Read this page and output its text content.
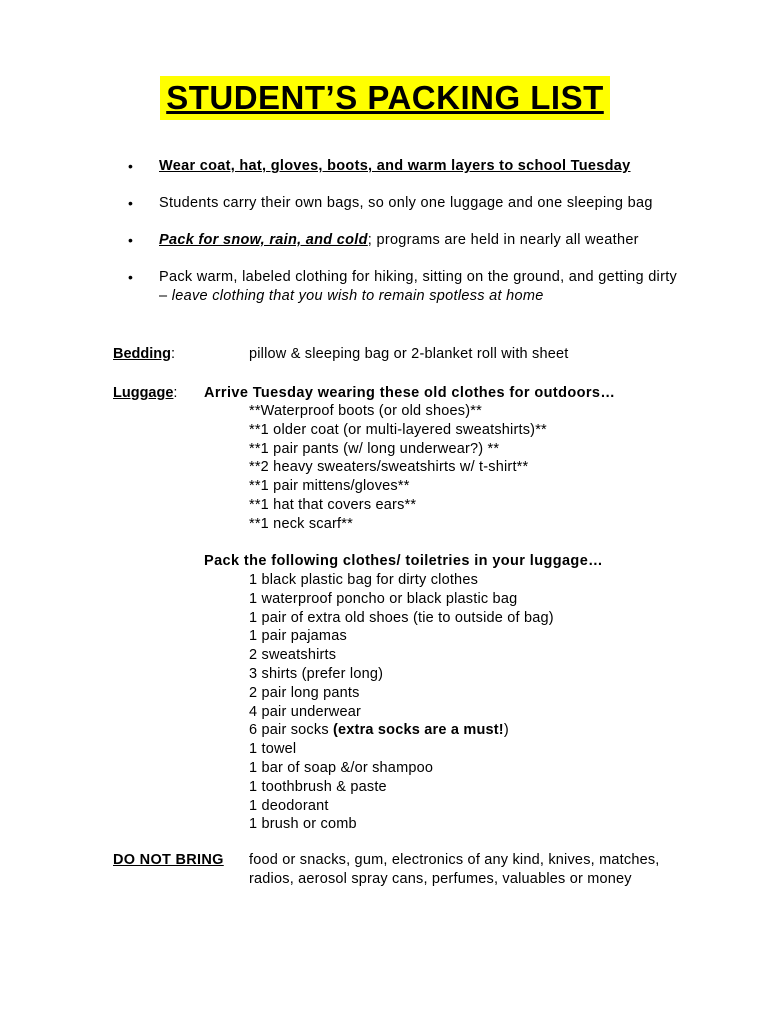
STUDENT’S PACKING LIST
• Wear coat, hat, gloves, boots, and warm layers to school Tuesday
• Students carry their own bags, so only one luggage and one sleeping bag
• Pack for snow, rain, and cold; programs are held in nearly all weather
• Pack warm, labeled clothing for hiking, sitting on the ground, and getting dirty – leave clothing that you wish to remain spotless at home
Bedding:	pillow & sleeping bag or 2-blanket roll with sheet
Luggage: Arrive Tuesday wearing these old clothes for outdoors…
**Waterproof boots (or old shoes)**
**1 older coat (or multi-layered sweatshirts)**
**1 pair pants (w/ long underwear?) **
**2 heavy sweaters/sweatshirts w/ t-shirt**
**1 pair mittens/gloves**
**1 hat that covers ears**
**1 neck scarf**
Pack the following clothes/ toiletries in your luggage…
1 black plastic bag for dirty clothes
1 waterproof poncho or black plastic bag
1 pair of extra old shoes (tie to outside of bag)
1 pair pajamas
2 sweatshirts
3 shirts (prefer long)
2 pair long pants
4 pair underwear
6 pair socks (extra socks are a must!)
1 towel
1 bar of soap &/or shampoo
1 toothbrush & paste
1 deodorant
1 brush or comb
DO NOT BRING food or snacks, gum, electronics of any kind, knives, matches, radios, aerosol spray cans, perfumes, valuables or money
